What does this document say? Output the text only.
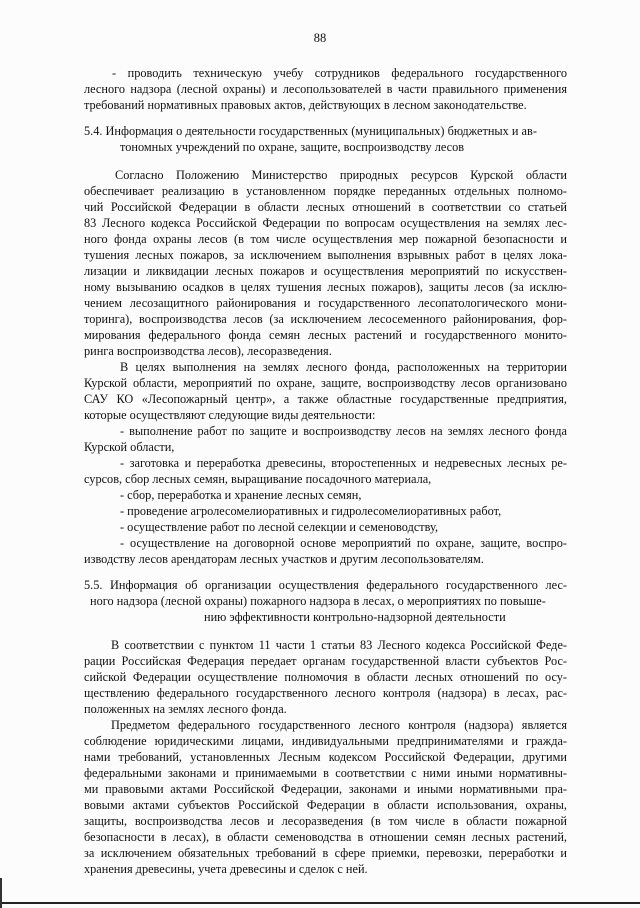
88
- проводить техническую учебу сотрудников федерального государственного
лесного надзора (лесной охраны) и лесопользователей в части правильного применения
требований нормативных правовых актов, действующих в лесном законодательстве.
5.4. Информация о деятельности государственных (муниципальных) бюджетных и ав-
тономных учреждений по охране, защите, воспроизводству лесов
Согласно Положению Министерство природных ресурсов Курской области
обеспечивает реализацию в установленном порядке переданных отдельных полномо-
чий Российской Федерации в области лесных отношений в соответствии со статьей
83 Лесного кодекса Российской Федерации по вопросам осуществления на землях лес-
ного фонда охраны лесов (в том числе осуществления мер пожарной безопасности и
тушения лесных пожаров, за исключением выполнения взрывных работ в целях лока-
лизации и ликвидации лесных пожаров и осуществления мероприятий по искусствен-
ному вызыванию осадков в целях тушения лесных пожаров), защиты лесов (за исклю-
чением лесозащитного районирования и государственного лесопатологического мони-
торинга), воспроизводства лесов (за исключением лесосеменного районирования, фор-
мирования федерального фонда семян лесных растений и государственного монито-
ринга воспроизводства лесов), лесоразведения.
В целях выполнения на землях лесного фонда, расположенных на территории
Курской области, мероприятий по охране, защите, воспроизводству лесов организовано
САУ КО «Лесопожарный центр», а также областные государственные предприятия,
которые осуществляют следующие виды деятельности:
- выполнение работ по защите и воспроизводству лесов на землях лесного фонда
Курской области,
- заготовка и переработка древесины, второстепенных и недревесных лесных ре-
сурсов, сбор лесных семян, выращивание посадочного материала,
- сбор, переработка и хранение лесных семян,
- проведение агролесомелиоративных и гидролесомелиоративных работ,
- осуществление работ по лесной селекции и семеноводству,
- осуществление на договорной основе мероприятий по охране, защите, воспро-
изводству лесов арендаторам лесных участков и другим лесопользователям.
5.5. Информация об организации осуществления федерального государственного лес-
ного надзора (лесной охраны) пожарного надзора в лесах, о мероприятиях по повыше-
нию эффективности контрольно-надзорной деятельности
В соответствии с пунктом 11 части 1 статьи 83 Лесного кодекса Российской Феде-
рации Российская Федерация передает органам государственной власти субъектов Рос-
сийской Федерации осуществление полномочия в области лесных отношений по осу-
ществлению федерального государственного лесного контроля (надзора) в лесах, рас-
положенных на землях лесного фонда.
Предметом федерального государственного лесного контроля (надзора) является
соблюдение юридическими лицами, индивидуальными предпринимателями и гражда-
нами требований, установленных Лесным кодексом Российской Федерации, другими
федеральными законами и принимаемыми в соответствии с ними иными нормативны-
ми правовыми актами Российской Федерации, законами и иными нормативными пра-
вовыми актами субъектов Российской Федерации в области использования, охраны,
защиты, воспроизводства лесов и лесоразведения (в том числе в области пожарной
безопасности в лесах), в области семеноводства в отношении семян лесных растений,
за исключением обязательных требований в сфере приемки, перевозки, переработки и
хранения древесины, учета древесины и сделок с ней.
